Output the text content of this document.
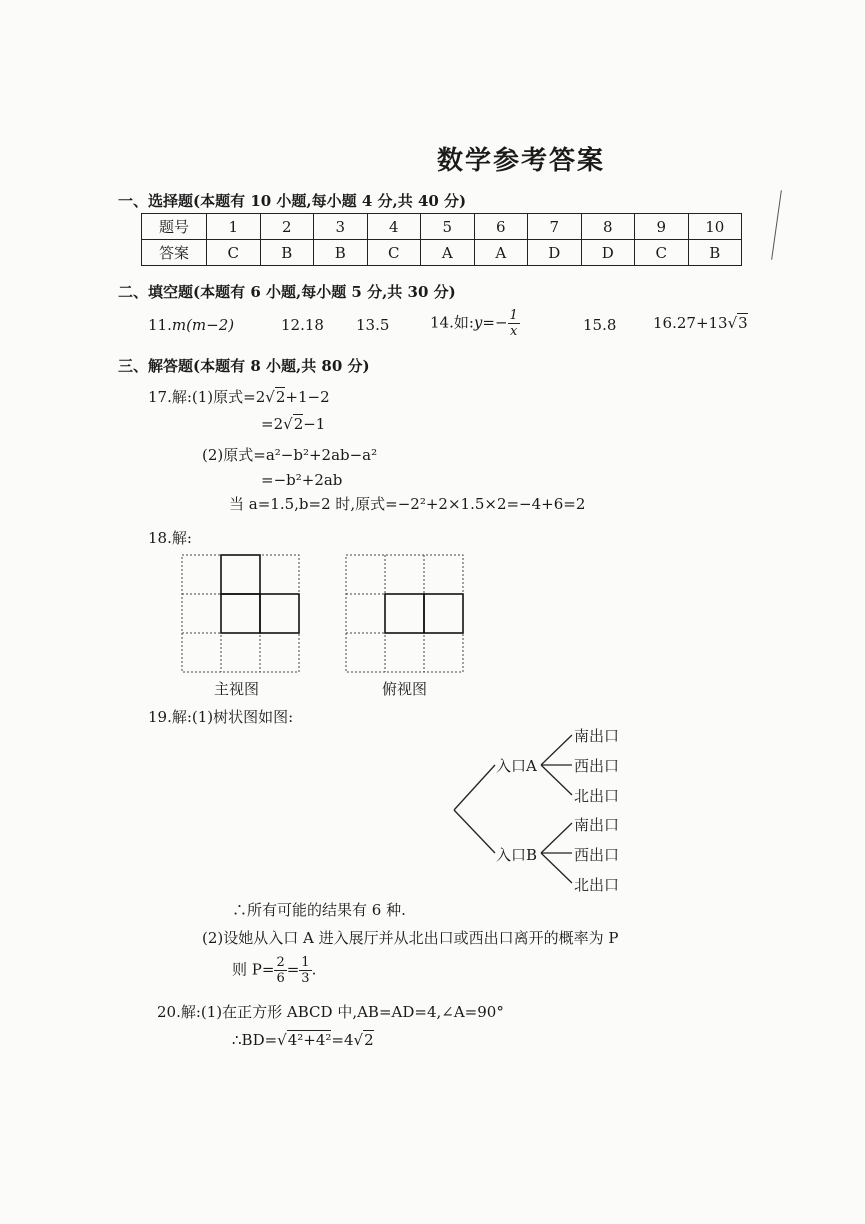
数学参考答案
一、选择题(本题有 10 小题,每小题 4 分,共 40 分)
题号	1	2	3	4	5	6	7	8	9	10
答案	C	B	B	C	A	A	D	D	C	B
二、填空题(本题有 6 小题,每小题 5 分,共 30 分)
11.m(m−2)	12.18 13.5	14.如:y=− $\frac{1}{x}$	15.8 16.27+13√3
三、解答题(本题有 8 小题,共 80 分)
17.解:(1)原式=2√2+1−2
=2√2−1
(2)原式=a²−b²+2ab−a²
=−b²+2ab
当 a=1.5,b=2 时,原式=−2²+2×1.5×2=−4+6=2
18.解:
主视图	俯视图
19.解:(1)树状图如图:
入口A
入口B
南出口
西出口
北出口
南出口
西出口
北出口
∴所有可能的结果有 6 种.
(2)设她从入口 A 进入展厅并从北出口或西出口离开的概率为 P
则 $P= \frac{2}{6} = \frac{1}{3}$ .
20.解:(1)在正方形 ABCD 中,AB=AD=4,∠A=90°
∴BD=√4²+4²=4√2
